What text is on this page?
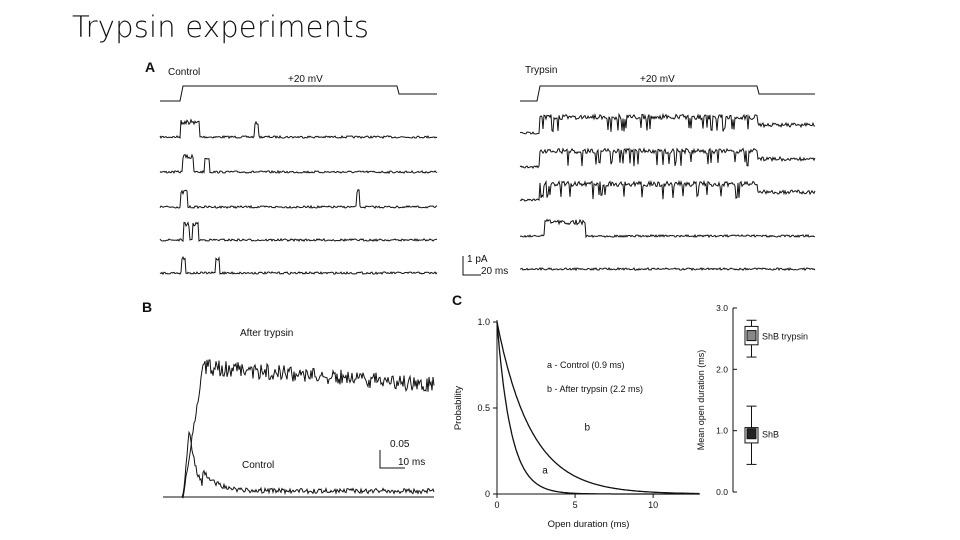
Trypsin experiments
A Control
+20 mV
Trypsin
+20 mV
1 pA
20 ms
B
After trypsin
Control
0.05
10 ms
C
0
0.5
1.0
0	5	10
Open duration (ms)
Probability
a
b
a - Control (0.9 ms)
b - After trypsin (2.2 ms)
0.0
1.0
2.0
3.0
Mean open duration (ms)
ShB trypsin
ShB
